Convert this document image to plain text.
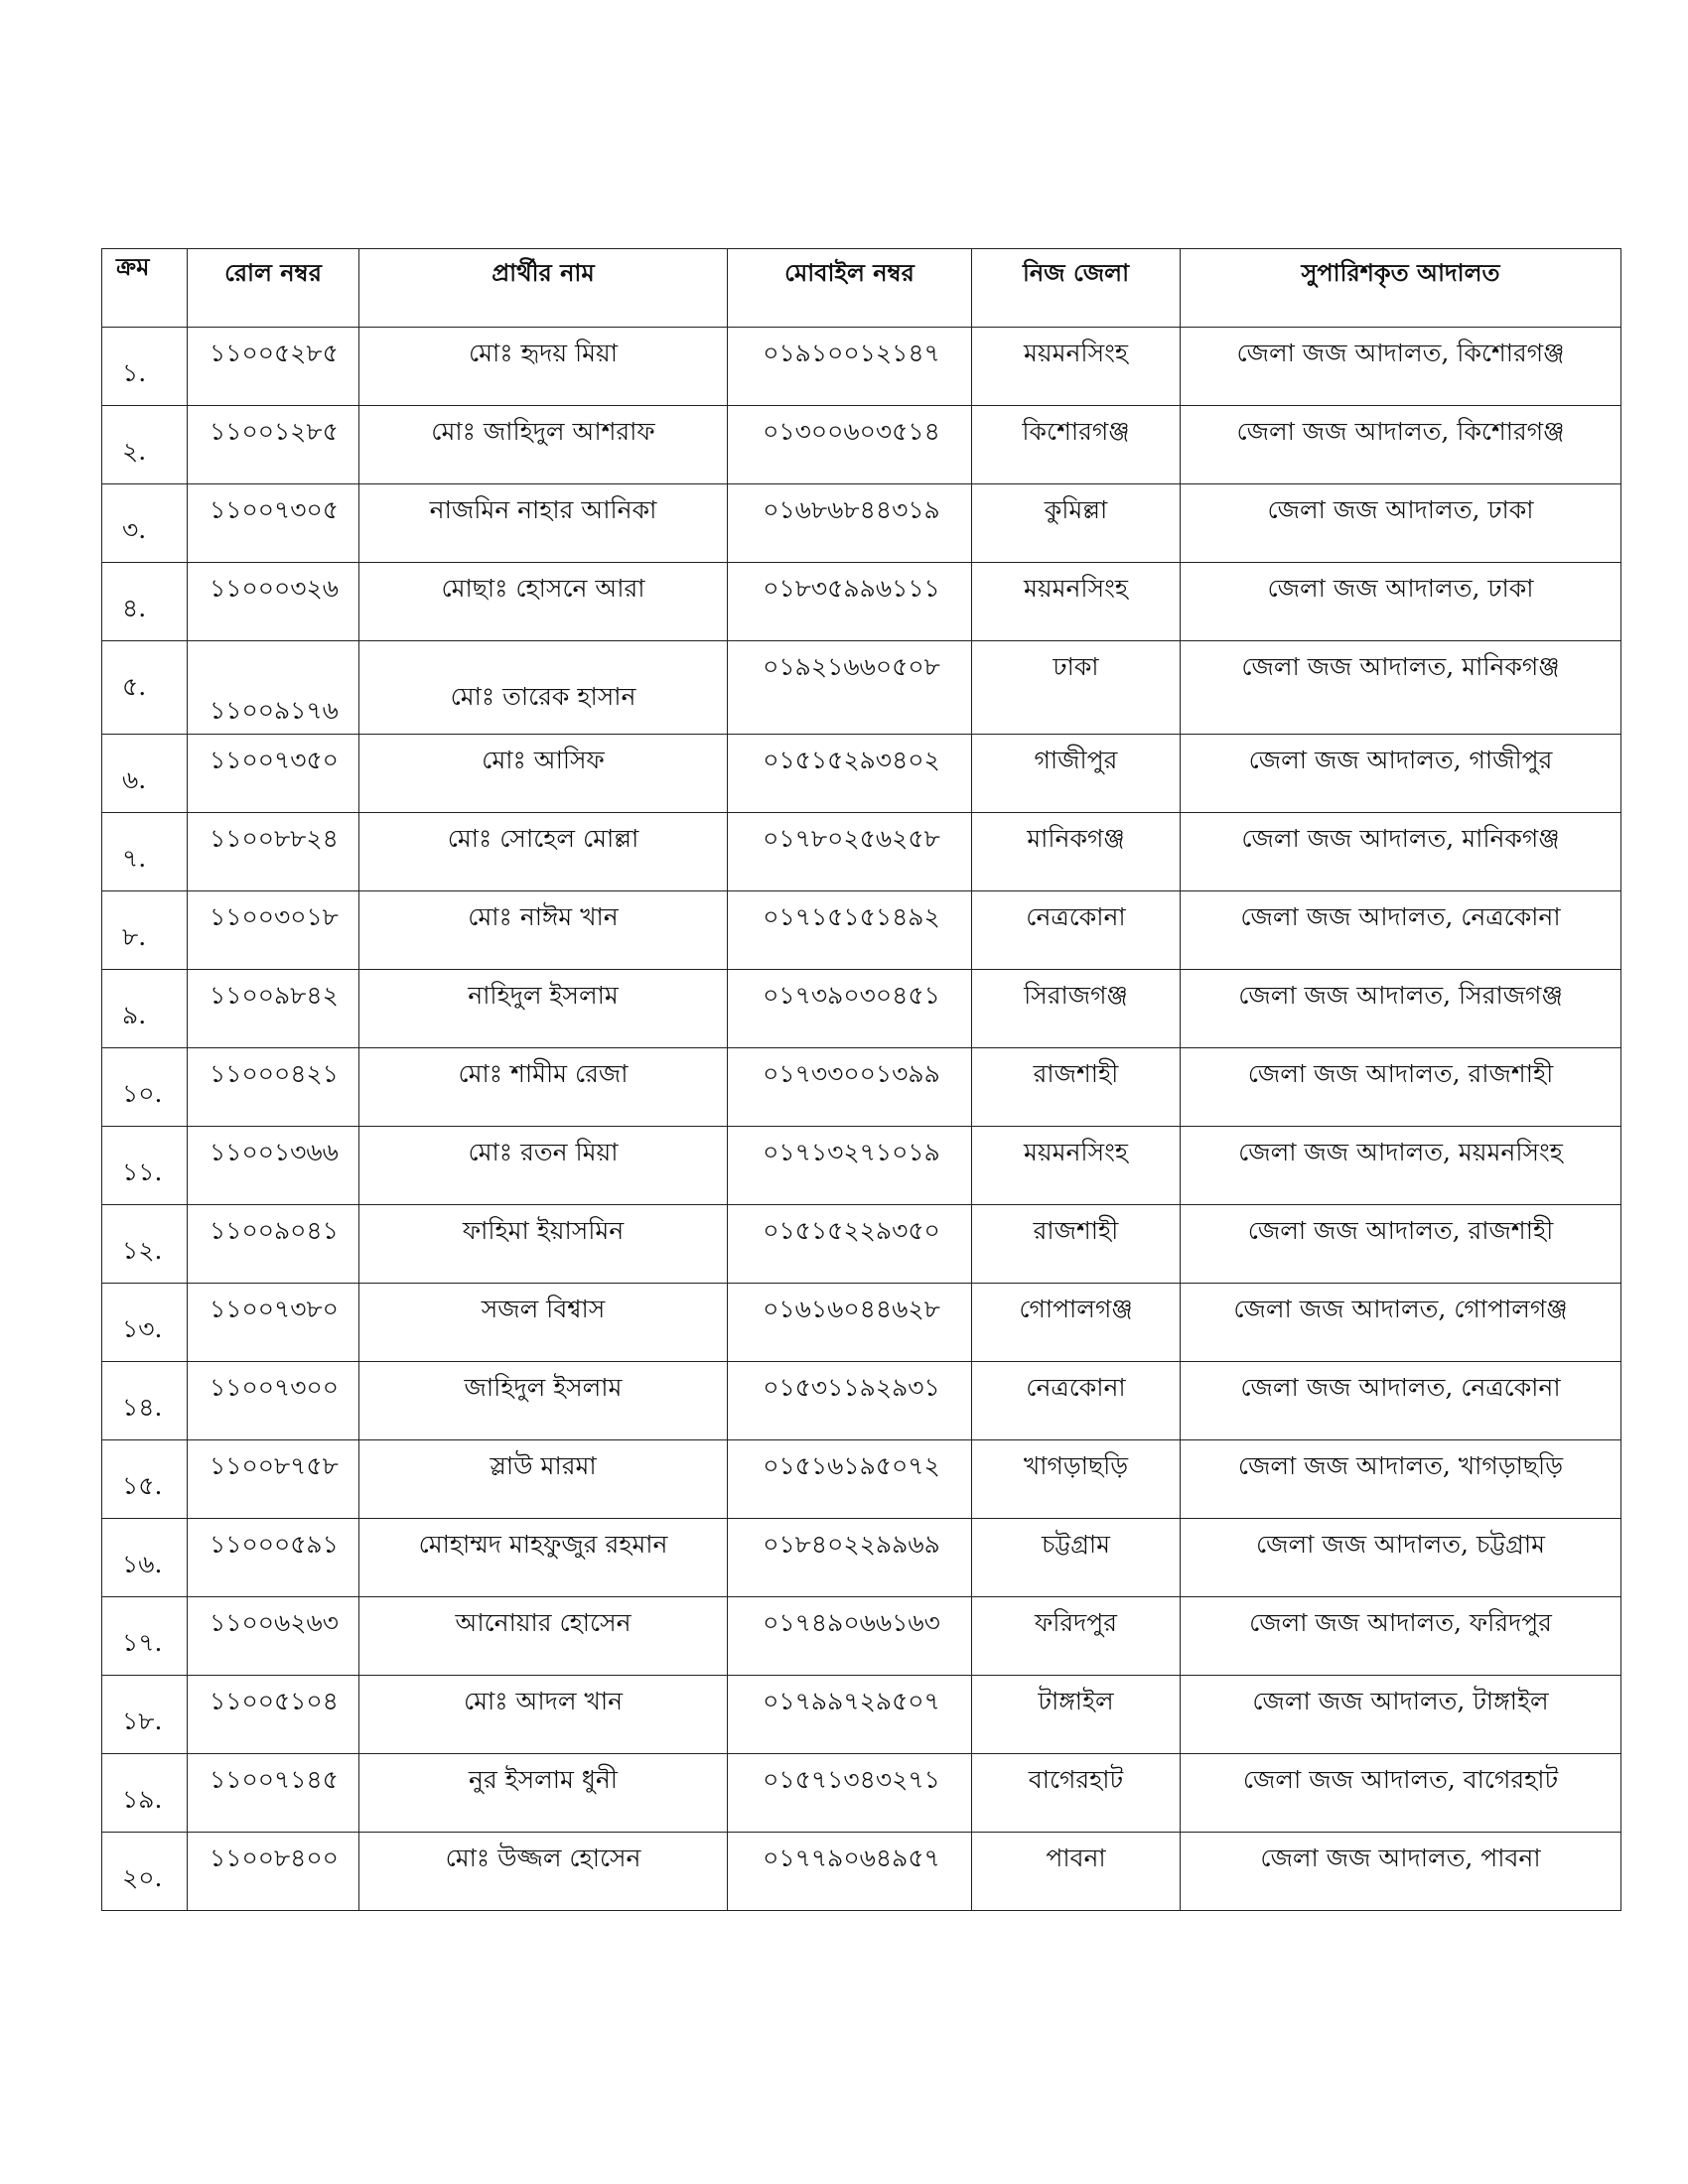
ক্রম	রোল নম্বর	প্রার্থীর নাম	মোবাইল নম্বর	নিজ জেলা	সুপারিশকৃত আদালত

১.	১১০০৫২৮৫	মোঃ হৃদয় মিয়া	০১৯১০০১২১৪৭	ময়মনসিংহ	জেলা জজ আদালত, কিশোরগঞ্জ

২.	১১০০১২৮৫	মোঃ জাহিদুল আশরাফ	০১৩০০৬০৩৫১৪	কিশোরগঞ্জ	জেলা জজ আদালত, কিশোরগঞ্জ

৩.	১১০০৭৩০৫	নাজমিন নাহার আনিকা	০১৬৮৬৮৪৪৩১৯	কুমিল্লা	জেলা জজ আদালত, ঢাকা

৪.	১১০০০৩২৬	মোছাঃ হোসনে আরা	০১৮৩৫৯৯৬১১১	ময়মনসিংহ	জেলা জজ আদালত, ঢাকা

৫.	১১০০৯১৭৬	মোঃ তারেক হাসান	০১৯২১৬৬০৫০৮	ঢাকা	জেলা জজ আদালত, মানিকগঞ্জ

৬.	১১০০৭৩৫০	মোঃ আসিফ	০১৫১৫২৯৩৪০২	গাজীপুর	জেলা জজ আদালত, গাজীপুর

৭.	১১০০৮৮২৪	মোঃ সোহেল মোল্লা	০১৭৮০২৫৬২৫৮	মানিকগঞ্জ	জেলা জজ আদালত, মানিকগঞ্জ

৮.	১১০০৩০১৮	মোঃ নাঈম খান	০১৭১৫১৫১৪৯২	নেত্রকোনা	জেলা জজ আদালত, নেত্রকোনা

৯.	১১০০৯৮৪২	নাহিদুল ইসলাম	০১৭৩৯০৩০৪৫১	সিরাজগঞ্জ	জেলা জজ আদালত, সিরাজগঞ্জ

১০.	১১০০০৪২১	মোঃ শামীম রেজা	০১৭৩৩০০১৩৯৯	রাজশাহী	জেলা জজ আদালত, রাজশাহী

১১.	১১০০১৩৬৬	মোঃ রতন মিয়া	০১৭১৩২৭১০১৯	ময়মনসিংহ	জেলা জজ আদালত, ময়মনসিংহ

১২.	১১০০৯০৪১	ফাহিমা ইয়াসমিন	০১৫১৫২২৯৩৫০	রাজশাহী	জেলা জজ আদালত, রাজশাহী

১৩.	১১০০৭৩৮০	সজল বিশ্বাস	০১৬১৬০৪৪৬২৮	গোপালগঞ্জ	জেলা জজ আদালত, গোপালগঞ্জ

১৪.	১১০০৭৩০০	জাহিদুল ইসলাম	০১৫৩১১৯২৯৩১	নেত্রকোনা	জেলা জজ আদালত, নেত্রকোনা

১৫.	১১০০৮৭৫৮	স্লাউ মারমা	০১৫১৬১৯৫০৭২	খাগড়াছড়ি	জেলা জজ আদালত, খাগড়াছড়ি

১৬.	১১০০০৫৯১	মোহাম্মদ মাহফুজুর রহমান	০১৮৪০২২৯৯৬৯	চট্টগ্রাম	জেলা জজ আদালত, চট্টগ্রাম

১৭.	১১০০৬২৬৩	আনোয়ার হোসেন	০১৭৪৯০৬৬১৬৩	ফরিদপুর	জেলা জজ আদালত, ফরিদপুর

১৮.	১১০০৫১০৪	মোঃ আদল খান	০১৭৯৯৭২৯৫০৭	টাঙ্গাইল	জেলা জজ আদালত, টাঙ্গাইল

১৯.	১১০০৭১৪৫	নুর ইসলাম ধুনী	০১৫৭১৩৪৩২৭১	বাগেরহাট	জেলা জজ আদালত, বাগেরহাট

২০.	১১০০৮৪০০	মোঃ উজ্জল হোসেন	০১৭৭৯০৬৪৯৫৭	পাবনা	জেলা জজ আদালত, পাবনা
